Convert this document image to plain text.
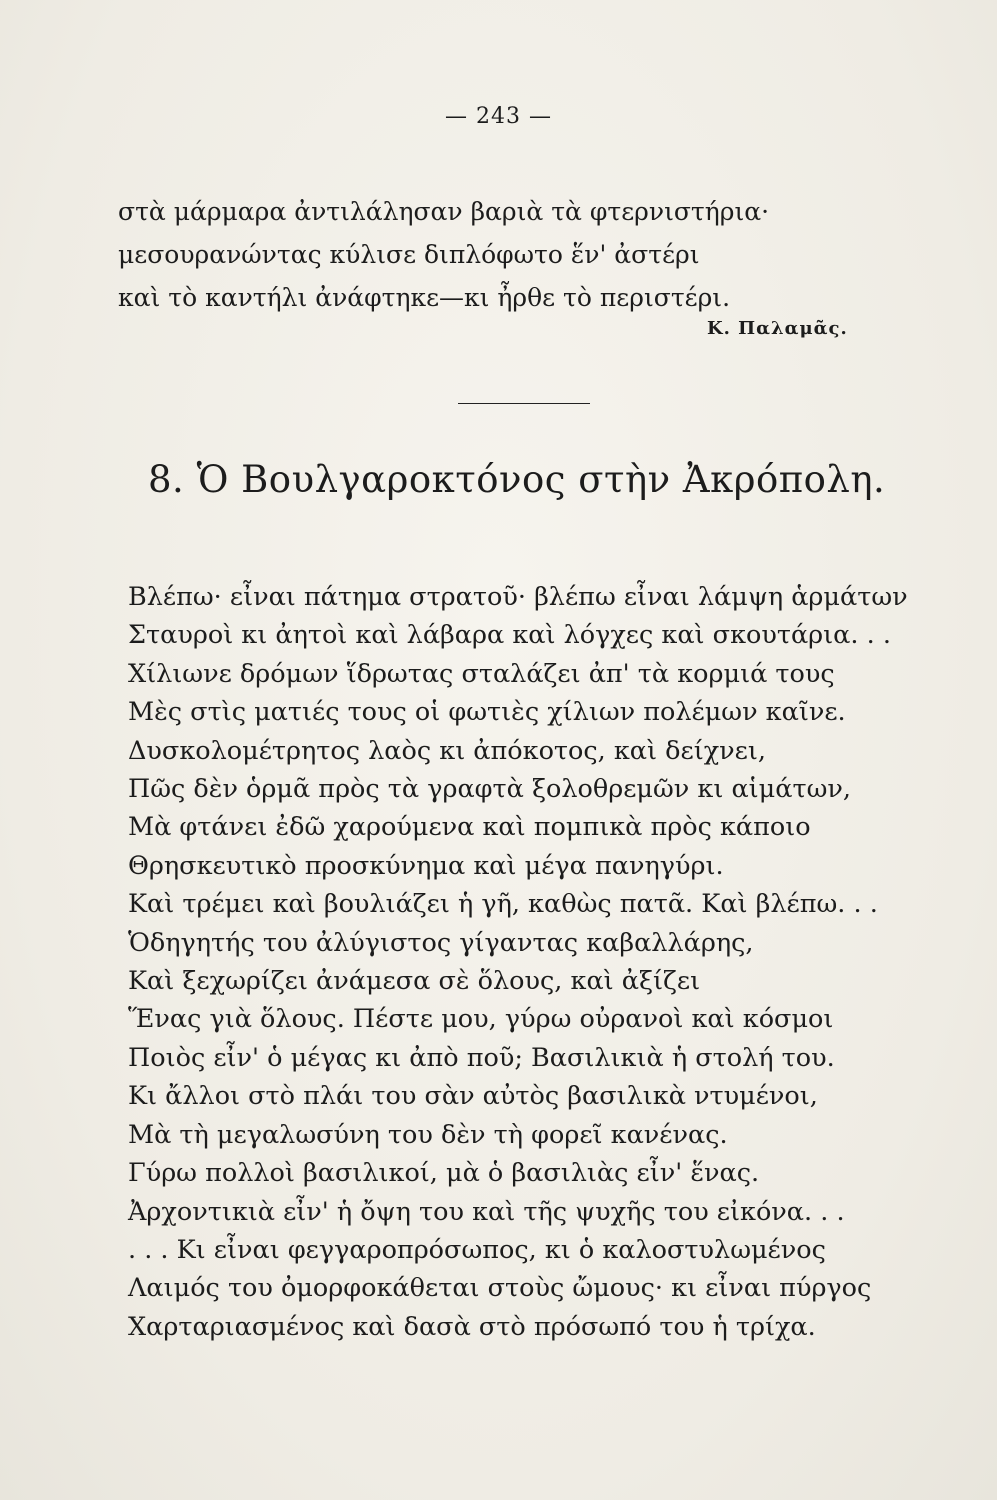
— 243 —
στὰ μάρμαρα ἀντιλάλησαν βαριὰ τὰ φτερνιστήρια·
μεσουρανώντας κύλισε διπλόφωτο ἕν' ἀστέρι
καὶ τὸ καντήλι ἀνάφτηκε—κι ἦρθε τὸ περιστέρι.
Κ. Παλαμᾶς.
8. Ὁ Βουλγαροκτόνος στὴν Ἀκρόπολη.
Βλέπω· εἶναι πάτημα στρατοῦ· βλέπω εἶναι λάμψη ἁρμάτων
Σταυροὶ κι ἀητοὶ καὶ λάβαρα καὶ λόγχες καὶ σκουτάρια. . .
Χίλιωνε δρόμων ἵδρωτας σταλάζει ἀπ' τὰ κορμιά τους
Μὲς στὶς ματιές τους οἱ φωτιὲς χίλιων πολέμων καῖνε.
Δυσκολομέτρητος λαὸς κι ἀπόκοτος, καὶ δείχνει,
Πῶς δὲν ὁρμᾶ πρὸς τὰ γραφτὰ ξολοθρεμῶν κι αἱμάτων,
Μὰ φτάνει ἐδῶ χαρούμενα καὶ πομπικὰ πρὸς κάποιο
Θρησκευτικὸ προσκύνημα καὶ μέγα πανηγύρι.
Καὶ τρέμει καὶ βουλιάζει ἡ γῆ, καθὼς πατᾶ. Καὶ βλέπω. . .
Ὁδηγητής του ἀλύγιστος γίγαντας καβαλλάρης,
Καὶ ξεχωρίζει ἀνάμεσα σὲ ὅλους, καὶ ἀξίζει
Ἕνας γιὰ ὅλους. Πέστε μου, γύρω οὐρανοὶ καὶ κόσμοι
Ποιὸς εἶν' ὁ μέγας κι ἀπὸ ποῦ; Βασιλικιὰ ἡ στολή του.
Κι ἄλλοι στὸ πλάι του σὰν αὐτὸς βασιλικὰ ντυμένοι,
Μὰ τὴ μεγαλωσύνη του δὲν τὴ φορεῖ κανένας.
Γύρω πολλοὶ βασιλικοί, μὰ ὁ βασιλιὰς εἶν' ἕνας.
Ἀρχοντικιὰ εἶν' ἡ ὄψη του καὶ τῆς ψυχῆς του εἰκόνα. . .
. . . Κι εἶναι φεγγαροπρόσωπος, κι ὁ καλοστυλωμένος
Λαιμός του ὀμορφοκάθεται στοὺς ὤμους· κι εἶναι πύργος
Χαρταριασμένος καὶ δασὰ στὸ πρόσωπό του ἡ τρίχα.
